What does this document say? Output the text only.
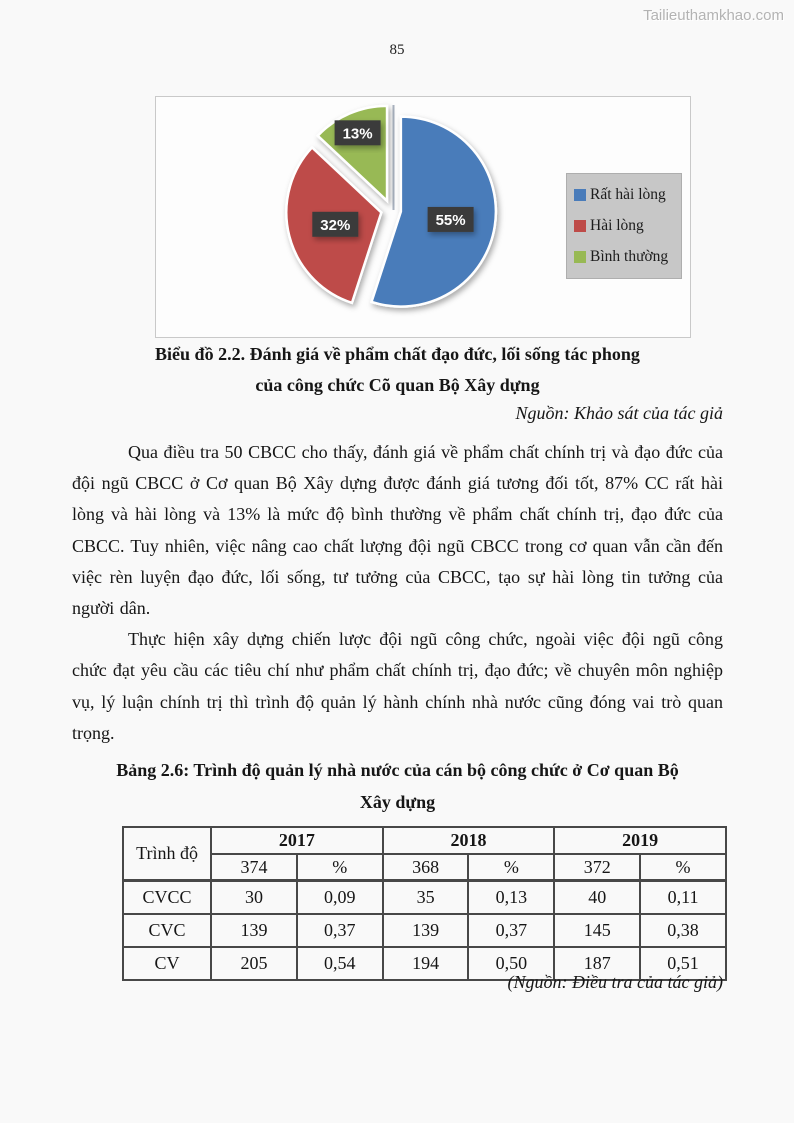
Tailieuthamkhao.com
85
55%
32%
13%
Rất hài lòng
Hài lòng
Bình thường
Biểu đồ 2.2. Đánh giá về phẩm chất đạo đức, lối sống tác phong
của công chức Cõ quan Bộ Xây dựng
Nguồn: Khảo sát của tác giả

Qua điều tra 50 CBCC cho thấy, đánh giá về phẩm chất chính trị và đạo đức của đội ngũ CBCC ở Cơ quan Bộ Xây dựng được đánh giá tương đối tốt, 87% CC rất hài lòng và hài lòng và 13% là mức độ bình thường về phẩm chất chính trị, đạo đức của CBCC. Tuy nhiên, việc nâng cao chất lượng đội ngũ CBCC trong cơ quan vẫn cần đến việc rèn luyện đạo đức, lối sống, tư tưởng của CBCC, tạo sự hài lòng tin tưởng của người dân.

Thực hiện xây dựng chiến lược đội ngũ công chức, ngoài việc đội ngũ công chức đạt yêu cầu các tiêu chí như phẩm chất chính trị, đạo đức; về chuyên môn nghiệp vụ, lý luận chính trị thì trình độ quản lý hành chính nhà nước cũng đóng vai trò quan trọng.

Bảng 2.6: Trình độ quản lý nhà nước của cán bộ công chức ở Cơ quan Bộ
Xây dựng
Trình độ	2017		2018		2019	
	374	%	368	%	372	%
CVCC	30	0,09	35	0,13	40	0,11
CVC	139	0,37	139	0,37	145	0,38
CV	205	0,54	194	0,50	187	0,51
(Nguồn: Điều tra của tác giả)
